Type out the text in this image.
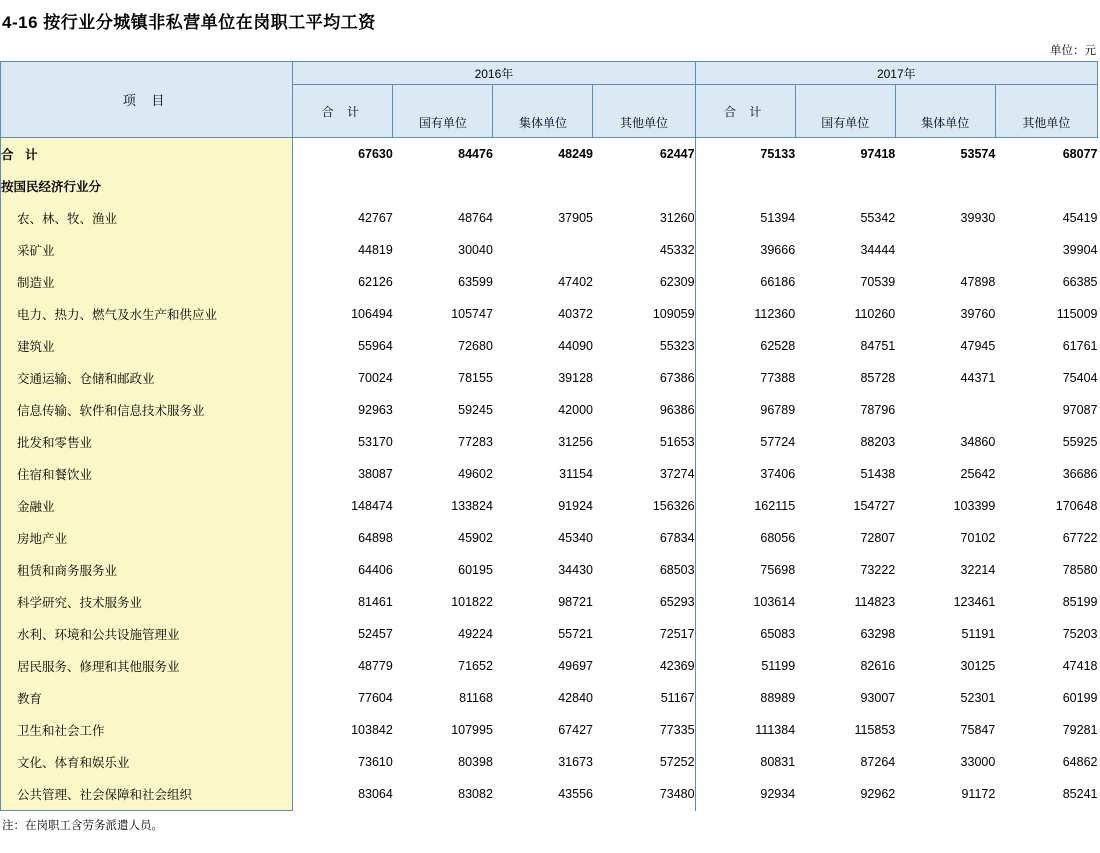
4-16 按行业分城镇非私营单位在岗职工平均工资
单位：元
项 目	2016年				2017年			
	合 计				合 计			
		国有单位	集体单位	其他单位		国有单位	集体单位	其他单位
合 计	67630	84476	48249	62447	75133	97418	53574	68077
按国民经济行业分								
农、林、牧、渔业	42767	48764	37905	31260	51394	55342	39930	45419
采矿业	44819	30040		45332	39666	34444		39904
制造业	62126	63599	47402	62309	66186	70539	47898	66385
电力、热力、燃气及水生产和供应业	106494	105747	40372	109059	112360	110260	39760	115009
建筑业	55964	72680	44090	55323	62528	84751	47945	61761
交通运输、仓储和邮政业	70024	78155	39128	67386	77388	85728	44371	75404
信息传输、软件和信息技术服务业	92963	59245	42000	96386	96789	78796		97087
批发和零售业	53170	77283	31256	51653	57724	88203	34860	55925
住宿和餐饮业	38087	49602	31154	37274	37406	51438	25642	36686
金融业	148474	133824	91924	156326	162115	154727	103399	170648
房地产业	64898	45902	45340	67834	68056	72807	70102	67722
租赁和商务服务业	64406	60195	34430	68503	75698	73222	32214	78580
科学研究、技术服务业	81461	101822	98721	65293	103614	114823	123461	85199
水利、环境和公共设施管理业	52457	49224	55721	72517	65083	63298	51191	75203
居民服务、修理和其他服务业	48779	71652	49697	42369	51199	82616	30125	47418
教育	77604	81168	42840	51167	88989	93007	52301	60199
卫生和社会工作	103842	107995	67427	77335	111384	115853	75847	79281
文化、体育和娱乐业	73610	80398	31673	57252	80831	87264	33000	64862
公共管理、社会保障和社会组织	83064	83082	43556	73480	92934	92962	91172	85241
注：在岗职工含劳务派遣人员。
